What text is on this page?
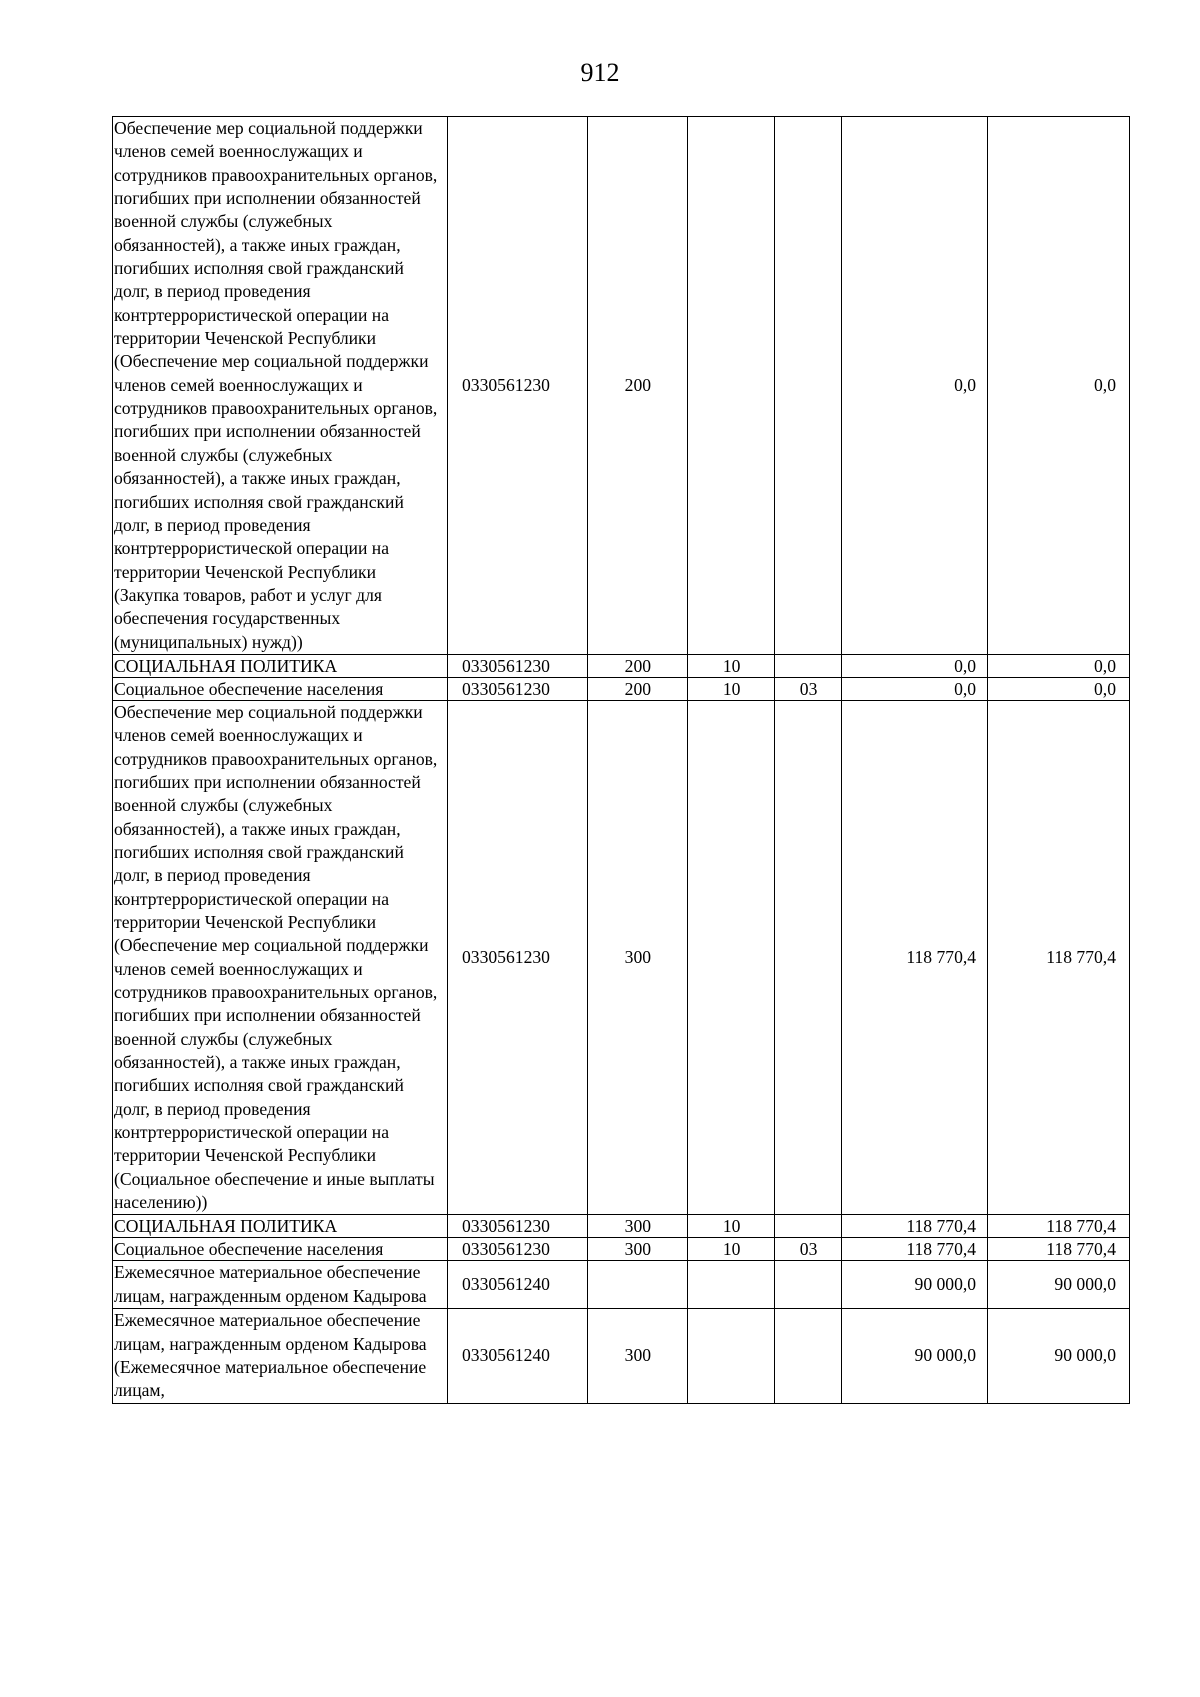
912
Обеспечение мер социальной поддержки членов семей военнослужащих и сотрудников правоохранительных органов, погибших при исполнении обязанностей военной службы (служебных обязанностей), а также иных граждан, погибших исполняя свой гражданский долг, в период проведения контртеррористической операции на территории Чеченской Республики (Обеспечение мер социальной поддержки членов семей военнослужащих и сотрудников правоохранительных органов, погибших при исполнении обязанностей военной службы (служебных обязанностей), а также иных граждан, погибших исполняя свой гражданский долг, в период проведения контртеррористической операции на территории Чеченской Республики (Закупка товаров, работ и услуг для обеспечения государственных (муниципальных) нужд))	0330561230	200			0,0	0,0
СОЦИАЛЬНАЯ ПОЛИТИКА	0330561230	200	10		0,0	0,0
Социальное обеспечение населения	0330561230	200	10	03	0,0	0,0
Обеспечение мер социальной поддержки членов семей военнослужащих и сотрудников правоохранительных органов, погибших при исполнении обязанностей военной службы (служебных обязанностей), а также иных граждан, погибших исполняя свой гражданский долг, в период проведения контртеррористической операции на территории Чеченской Республики (Обеспечение мер социальной поддержки членов семей военнослужащих и сотрудников правоохранительных органов, погибших при исполнении обязанностей военной службы (служебных обязанностей), а также иных граждан, погибших исполняя свой гражданский долг, в период проведения контртеррористической операции на территории Чеченской Республики (Социальное обеспечение и иные выплаты населению))	0330561230	300			118 770,4	118 770,4
СОЦИАЛЬНАЯ ПОЛИТИКА	0330561230	300	10		118 770,4	118 770,4
Социальное обеспечение населения	0330561230	300	10	03	118 770,4	118 770,4
Ежемесячное материальное обеспечение лицам, награжденным орденом Кадырова	0330561240				90 000,0	90 000,0
Ежемесячное материальное обеспечение лицам, награжденным орденом Кадырова (Ежемесячное материальное обеспечение лицам,	0330561240	300			90 000,0	90 000,0
